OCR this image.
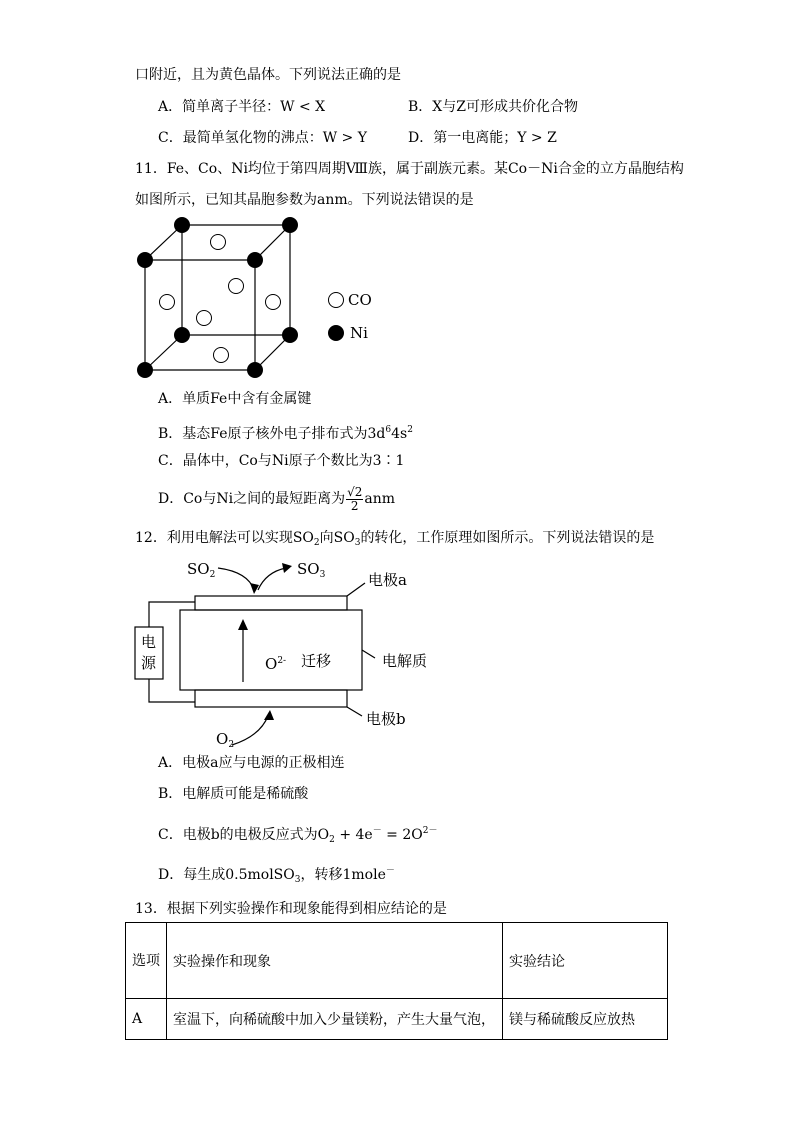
口附近，且为黄色晶体。下列说法正确的是
A．简单离子半径：W < X	B．X与Z可形成共价化合物
C．最简单氢化物的沸点：W > Y	D．第一电离能；Y > Z
11．Fe、Co、Ni均位于第四周期Ⅷ族，属于副族元素。某Co－Ni合金的立方晶胞结构
如图所示，已知其晶胞参数为anm。下列说法错误的是
CO
Ni
A．单质Fe中含有金属键
B．基态Fe原子核外电子排布式为$3d^64s^2$
C．晶体中，Co与Ni原子个数比为3∶1
D．Co与Ni之间的最短距离为 $\frac{√2}{2}$ anm
12．利用电解法可以实现$SO_2$向$SO_3$的转化，工作原理如图所示。下列说法错误的是
$SO_2$	$SO_3$	电极a
电解质
电极b
电
源	$O^{2-}$ 迁移
$O_2$
A．电极a应与电源的正极相连
B．电解质可能是稀硫酸
C．电极b的电极反应式为$O_2 + 4e^- = 2O^{2-}$
D．每生成0.5molSO$_3$，转移1mole－
13．根据下列实验操作和现象能得到相应结论的是
选项	实验操作和现象	实验结论
A	室温下，向稀硫酸中加入少量镁粉，产生大量气泡，	镁与稀硫酸反应放热
